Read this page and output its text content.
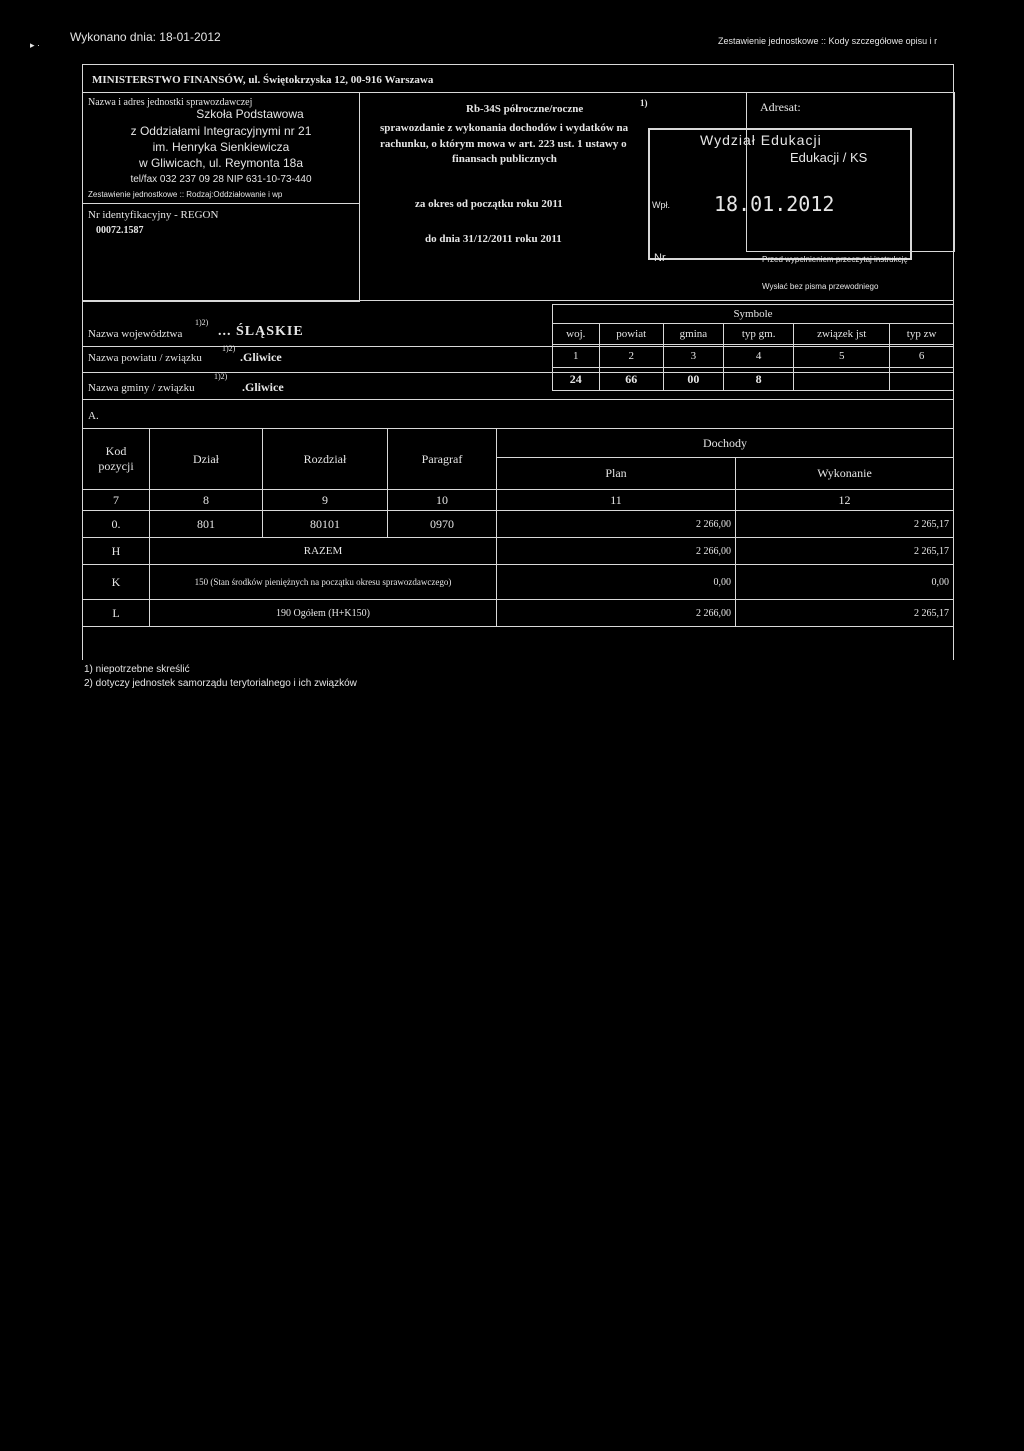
Wykonano dnia: 18-01-2012
▸ ·	Zestawienie jednostkowe :: Kody szczegółowe opisu i r
MINISTERSTWO FINANSÓW, ul. Świętokrzyska 12, 00-916 Warszawa
Nazwa i adres jednostki sprawozdawczej
Szkoła Podstawowa
z Oddziałami Integracyjnymi nr 21
im. Henryka Sienkiewicza
w Gliwicach, ul. Reymonta 18a
tel/fax 032 237 09 28 NIP 631-10-73-440
Zestawienie jednostkowe :: Rodzaj:Oddziałowanie i wp
Nr identyfikacyjny - REGON
00072.1587
Rb-34S półroczne/roczne	1)
sprawozdanie z wykonania dochodów i wydatków na
rachunku, o którym mowa w art. 223 ust. 1 ustawy o
finansach publicznych
za okres od początku roku 2011
do dnia 31/12/2011 roku 2011
Wydział Edukacji
Wpł. 18.01.2012
Nr
Adresat:
Edukacji / KS
Przed wypełnieniem przeczytaj instrukcję
Wysłać bez pisma przewodniego
Nazwa województwa
1)2)
... ŚLĄSKIE
Nazwa powiatu / związku
1)2)
.Gliwice
Nazwa gminy / związku
1)2)
.Gliwice
Symbole					
woj.	powiat	gmina	typ gm.	związek jst	typ zw
1	2	3	4	5	6
24	66	00	8		
A.
Kod pozycji	Dział	Rozdział	Paragraf	Dochody	
				Plan	Wykonanie
7	8	9	10	11	12
0.	801	80101	0970	2 266,00	2 265,17
H	RAZEM			2 266,00	2 265,17
K	150 (Stan środków pieniężnych na początku okresu sprawozdawczego)			0,00	0,00
L	190 Ogółem (H+K150)			2 266,00	2 265,17
1) niepotrzebne skreślić
2) dotyczy jednostek samorządu terytorialnego i ich związków
